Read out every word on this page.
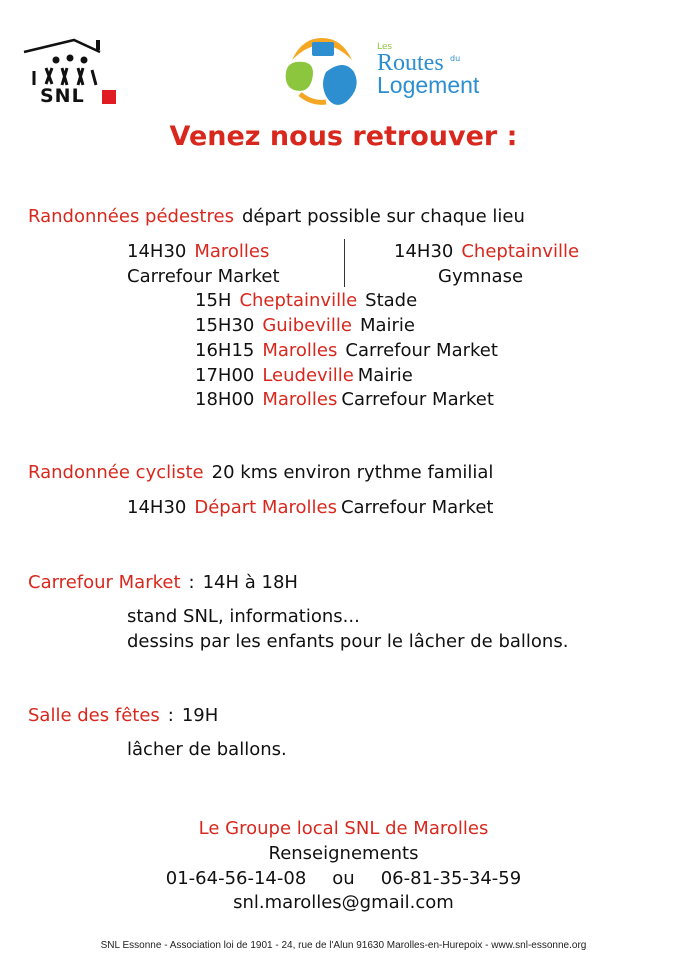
SNL
Les
Routes du
Logement
Venez nous retrouver :
Randonnées pédestres départ possible sur chaque lieu
14H30 Marolles
Carrefour Market
14H30 Cheptainville
Gymnase
15H Cheptainville Stade
15H30 Guibeville Mairie
16H15 Marolles Carrefour Market
17H00 Leudeville Mairie
18H00 Marolles Carrefour Market
Randonnée cycliste 20 kms environ rythme familial
14H30 Départ Marolles Carrefour Market
Carrefour Market : 14H à 18H
stand SNL, informations...
dessins par les enfants pour le lâcher de ballons.
Salle des fêtes : 19H
lâcher de ballons.
Le Groupe local SNL de Marolles
Renseignements
01-64-56-14-08 ou 06-81-35-34-59
snl.marolles@gmail.com
SNL Essonne - Association loi de 1901 - 24, rue de l'Alun 91630 Marolles-en-Hurepoix - www.snl-essonne.org
